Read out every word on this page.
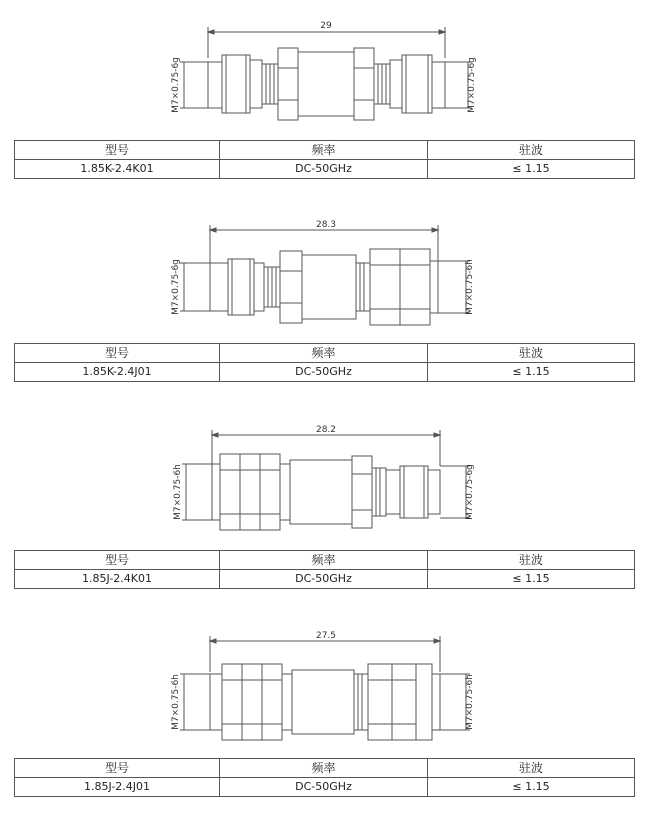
29
M7×0.75-6g	M7×0.75-6g
型号	频率	驻波
1.85K-2.4K01	DC-50GHz	≤ 1.15
28.3
M7×0.75-6g	M7×0.75-6h
型号	频率	驻波
1.85K-2.4J01	DC-50GHz	≤ 1.15
28.2
M7×0.75-6h	M7×0.75-6g
型号	频率	驻波
1.85J-2.4K01	DC-50GHz	≤ 1.15
27.5
M7×0.75-6h	M7×0.75-6h
型号	频率	驻波
1.85J-2.4J01	DC-50GHz	≤ 1.15
